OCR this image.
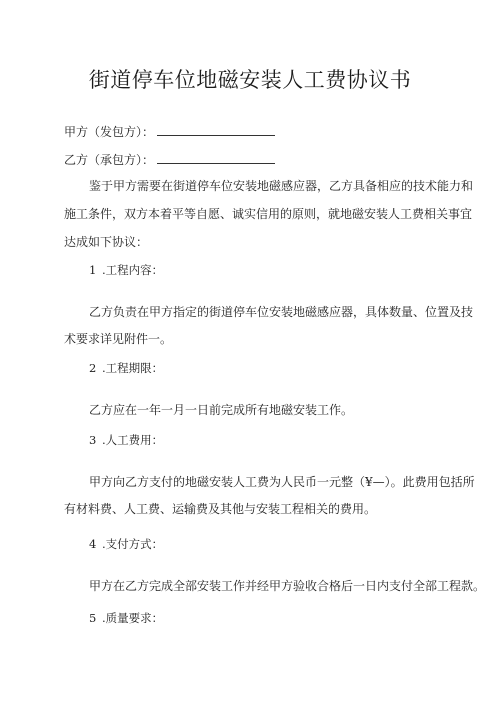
街道停车位地磁安装人工费协议书
甲方（发包方）：
乙方（承包方）：
鉴于甲方需要在街道停车位安装地磁感应器，乙方具备相应的技术能力和
施工条件，双方本着平等自愿、诚实信用的原则，就地磁安装人工费相关事宜
达成如下协议：
1 .工程内容：
乙方负责在甲方指定的街道停车位安装地磁感应器，具体数量、位置及技
术要求详见附件一。
2 .工程期限：
乙方应在一年一月一日前完成所有地磁安装工作。
3 .人工费用：
甲方向乙方支付的地磁安装人工费为人民币一元整（¥—）。此费用包括所
有材料费、人工费、运输费及其他与安装工程相关的费用。
4 .支付方式：
甲方在乙方完成全部安装工作并经甲方验收合格后一日内支付全部工程款。
5 .质量要求：
